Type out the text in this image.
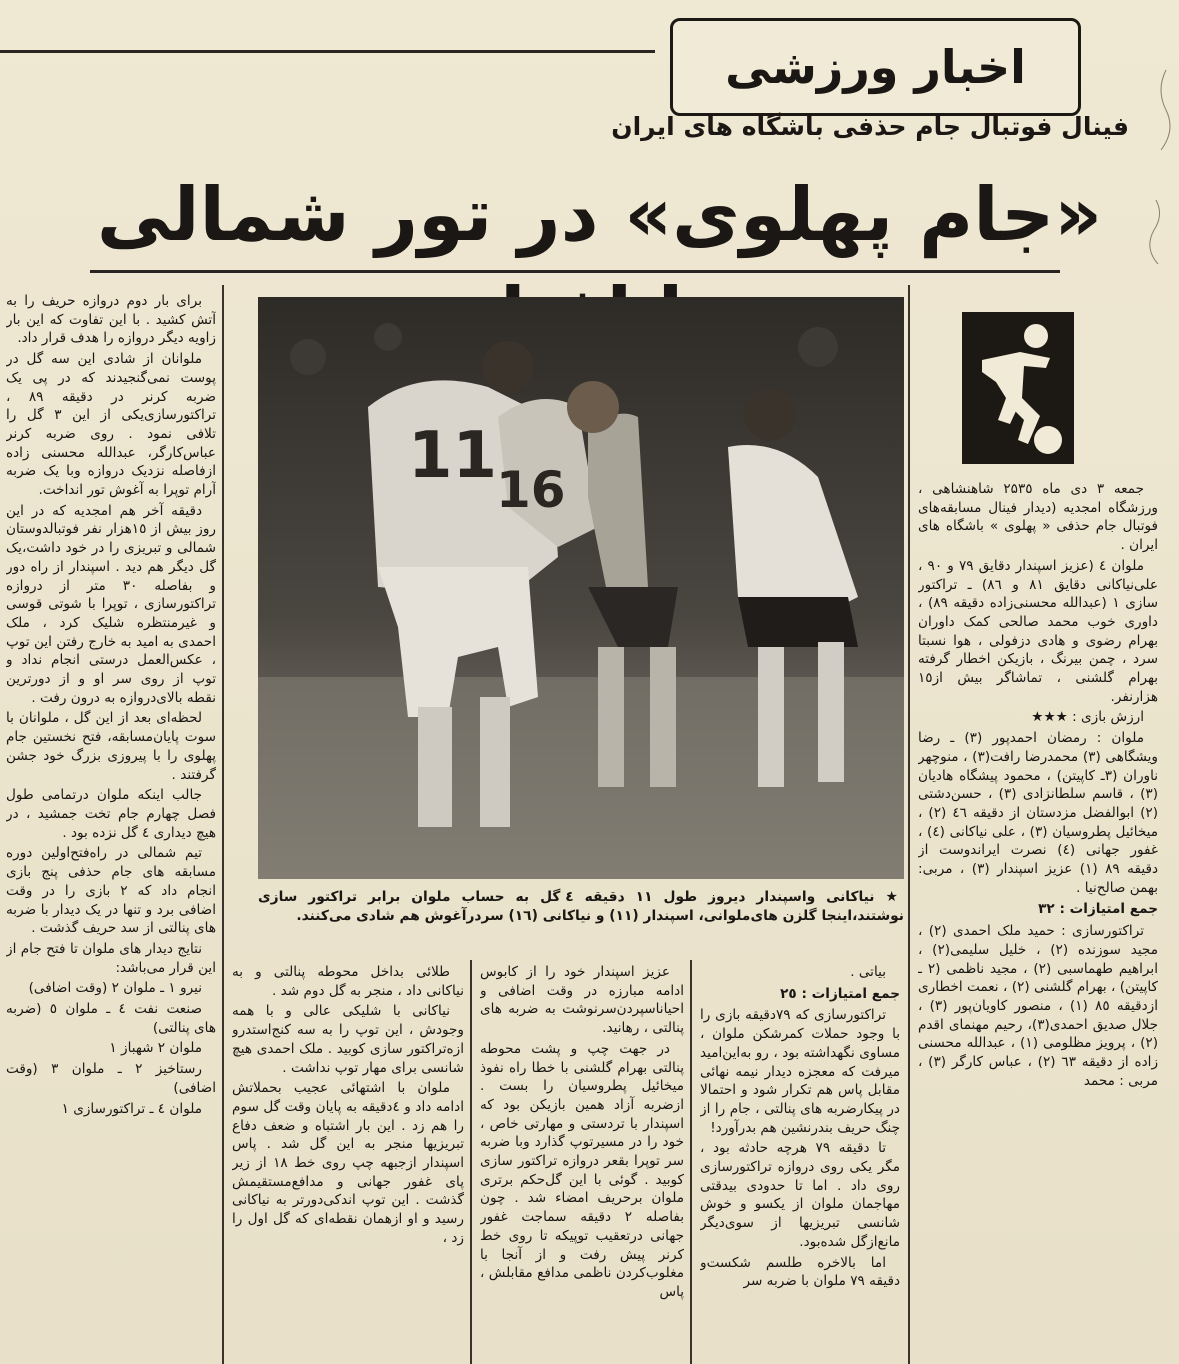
اخبار ورزشی
فینال فوتبال جام حذفی باشگاه های ایران
«جام پهلوی» در تور شمالی
11
16
★ نیاکانی واسپندار دیروز طول ۱۱ دقیقه ٤ گل به حساب ملوان برابر تراکتور سازی نوشتند،اینجا گلزن های‌ملوانی، اسپندار (۱۱) و نیاکانی (۱٦) سردرآغوش هم شادی می‌کنند.

جمعه ۳ دی ماه ۲۵۳٥ شاهنشاهی ، ورزشگاه امجدیه (دیدار فینال مسابقه‌های فوتبال جام حذفی « پهلوی » باشگاه های ایران .

ملوان ٤ (عزیز اسپندار دقایق ۷۹ و ۹۰ ، علی‌نیاکانی دقایق ۸۱ و ۸٦) ـ تراکتور سازی ۱ (عبدالله محسنی‌زاده دقیقه ۸۹) ، داوری خوب محمد صالحی کمک داوران بهرام رضوی و هادی دزفولی ، هوا نسبتا سرد ، چمن بیرنگ ، بازیکن اخطار گرفته بهرام گلشنی ، تماشاگر بیش از۱٥ هزارنفر.

ارزش بازی : ★★★

ملوان : رمضان احمدپور (۳) ـ رضا ویشگاهی (۳) محمدرضا رافت(۳) ، منوچهر ناوران (۳ـ کاپیتن) ، محمود پیشگاه هادیان (۳) ، قاسم سلطانزادی (۳) ، حسن‌دشتی (۲) ابوالفضل مزدستان از دقیقه ٤٦ (۲) ، میخائیل پطروسیان (۳) ، علی نیاکانی (٤) ، غفور جهانی (٤) نصرت ایراندوست از دقیقه ۸۹ (۱) عزیز اسپندار (۳) ، مربی: بهمن صالح‌نیا .

جمع امتیازات : ۳۲

تراکتورسازی : حمید ملک احمدی (۲) ، مجید سوزنده (۲) ، خلیل سلیمی(۲) ، ابراهیم طهماسبی (۲) ، مجید ناظمی (۲ ـ کاپیتن) ، بهرام گلشنی (۲) ، نعمت اخطاری ازدقیقه ۸٥ (۱) ، منصور کاویان‌پور (۳) ، جلال صدیق احمدی(۳)، رحیم مهنمای اقدم (۲) ، پرویز مظلومی (۱) ، عبدالله محسنی زاده از دقیقه ٦۳ (۲) ، عباس کارگر (۳) ، مربی : محمد

برای بار دوم دروازه حریف را به آتش کشید . با این تفاوت که این بار زاویه دیگر دروازه را هدف قرار داد.

ملوانان از شادی این سه گل در پوست نمی‌گنجیدند که در پی یک ضربه کرنر در دقیقه ۸۹ ، تراکتورسازی‌یکی از این ۳ گل را تلافی نمود . روی ضربه کرنر عباس‌کارگر، عبدالله محسنی زاده ازفاصله نزدیک دروازه وبا یک ضربه آرام توپرا به آغوش تور انداخت.

دقیقه آخر هم امجدیه که در این روز بیش از ۱٥هزار نفر فوتبالدوستان شمالی و تبریزی را در خود داشت،یک گل دیگر هم دید . اسپندار از راه دور و بفاصله ۳۰ متر از دروازه تراکتورسازی ، توپرا با شوتی قوسی و غیرمنتظره شلیک کرد ، ملک احمدی به امید به خارج رفتن این توپ ، عکس‌العمل درستی انجام نداد و توپ از روی سر او و از دورترین نقطه بالای‌دروازه به درون رفت .

لحظه‌ای بعد از این گل ، ملوانان با سوت پایان‌مسابقه، فتح نخستین جام پهلوی را با پیروزی بزرگ خود جشن گرفتند .

جالب اینکه ملوان درتمامی طول فصل چهارم جام تخت جمشید ، در هیچ دیداری ٤ گل نزده بود .

تیم شمالی در راه‌فتح‌اولین دوره مسابقه های جام حذفی پنج بازی انجام داد که ۲ بازی را در وقت اضافی برد و تنها در یک دیدار با ضربه های پنالتی از سد حریف گذشت .

نتایج دیدار های ملوان تا فتح جام از این قرار می‌باشد:

نیرو ۱ ـ ملوان ۲ (وقت اضافی)

صنعت نفت ٤ ـ ملوان ٥ (ضربه های پنالتی)

ملوان ۲ شهباز ۱

رستاخیز ۲ ـ ملوان ۳ (وقت اضافی)

ملوان ٤ ـ تراکتورسازی ۱

بیاتی .

جمع امتیازات : ۲٥

تراکتورسازی که ۷۹دقیقه بازی را با وجود حملات کمرشکن ملوان ، مساوی نگهداشته بود ، رو به‌این‌امید میرفت که معجزه دیدار نیمه نهائی مقابل پاس هم تکرار شود و احتمالا در پیکارضربه های پنالتی ، جام را از چنگ حریف بندرنشین هم بدرآورد!

تا دقیقه ۷۹ هرچه حادثه بود ، مگر یکی روی دروازه تراکتورسازی روی داد . اما تا حدودی بیدقتی مهاجمان ملوان از یکسو و خوش شانسی تبریزیها از سوی‌دیگر مانع‌ازگل شده‌بود.

اما بالاخره طلسم شکست‌و دقیقه ۷۹ ملوان با ضربه سر

عزیز اسپندار خود را از کابوس ادامه مبارزه در وقت اضافی و احیاناسپردن‌سرنوشت به ضربه های پنالتی ، رهانید.

در جهت چپ و پشت محوطه پنالتی بهرام گلشنی با خطا راه نفوذ میخائیل پطروسیان را بست . ازضربه آزاد همین بازیکن بود که اسپندار با تردستی و مهارتی خاص ، خود را در مسیرتوپ گذارد وبا ضربه سر توپرا بقعر دروازه تراکتور سازی کوبید . گوئی با این گل‌حکم برتری ملوان برحریف امضاء شد . چون بفاصله ۲ دقیقه سماجت غفور جهانی درتعقیب توپیکه تا روی خط کرنر پیش رفت و از آنجا با مغلوب‌کردن ناظمی مدافع مقابلش ، پاس

طلائی بداخل محوطه پنالتی و به نیاکانی داد ، منجر به گل دوم شد .

نیاکانی با شلیکی عالی و با همه وجودش ، این توپ را به سه کنج‌استدرو ازه‌تراکتور سازی کوبید . ملک احمدی هیچ شانسی برای مهار توپ نداشت .

ملوان با اشتهائی عجیب بحملاتش ادامه داد و ٤دقیقه به پایان وقت گل سوم را هم زد . این بار اشتباه و ضعف دفاع تبریزیها منجر به این گل شد . پاس اسپندار ازجبهه چپ روی خط ۱۸ از زیر پای غفور جهانی و مدافع‌مستقیمش گذشت . این توپ اندکی‌دورتر به نیاکانی رسید و او ازهمان نقطه‌ای که گل اول را زد ،
